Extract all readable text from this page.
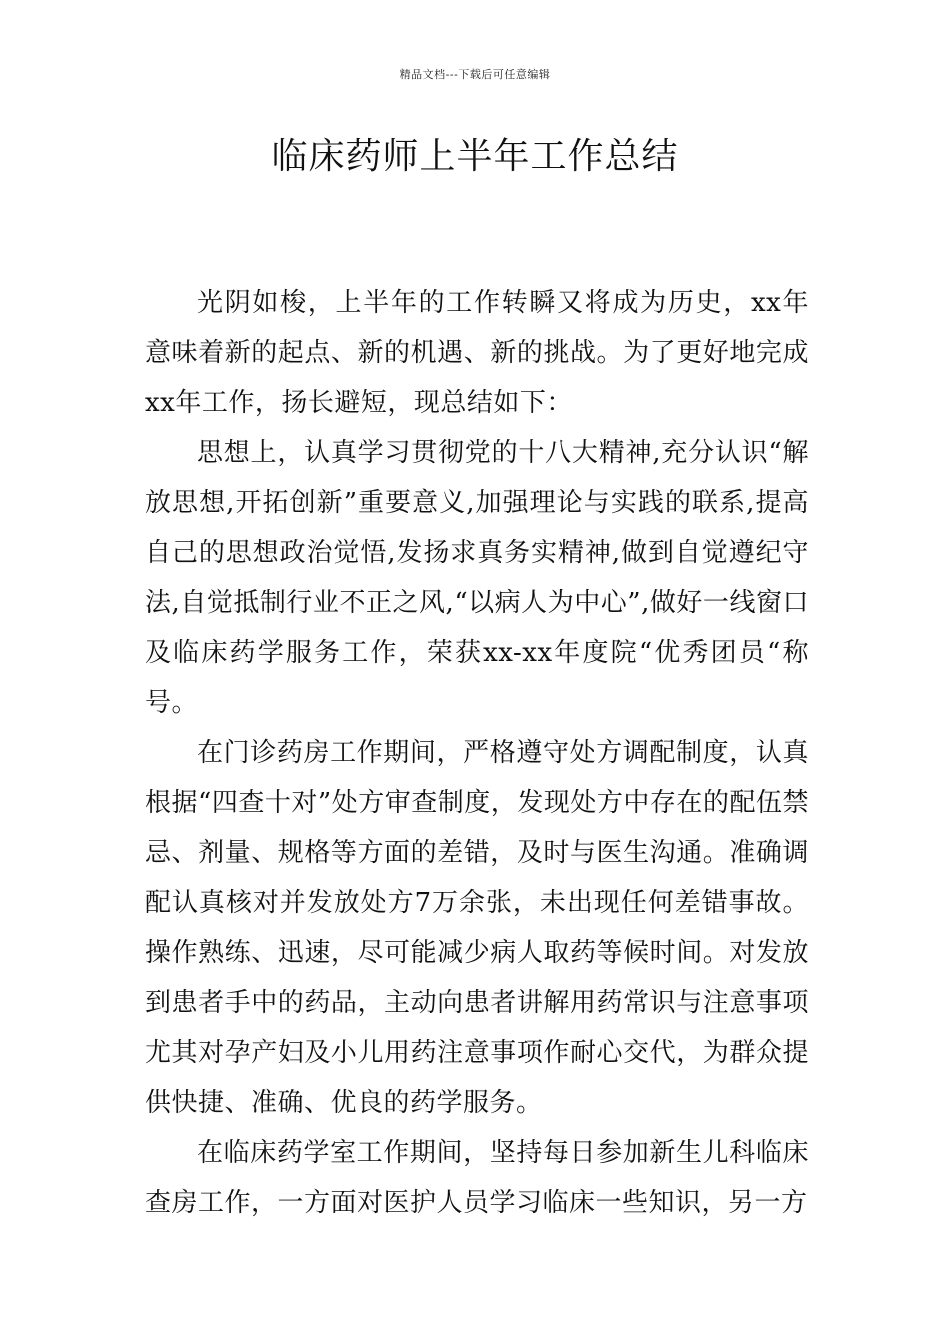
精品文档---下载后可任意编辑
临床药师上半年工作总结

光阴如梭，上半年的工作转瞬又将成为历史，xx年意味着新的起点、新的机遇、新的挑战。为了更好地完成xx年工作，扬长避短，现总结如下：

思想上，认真学习贯彻党的十八大精神,充分认识“解放思想,开拓创新”重要意义,加强理论与实践的联系,提高自己的思想政治觉悟,发扬求真务实精神,做到自觉遵纪守法,自觉抵制行业不正之风,“以病人为中心”,做好一线窗口及临床药学服务工作，荣获xx-xx年度院“优秀团员“称号。

在门诊药房工作期间，严格遵守处方调配制度，认真根据“四查十对”处方审查制度，发现处方中存在的配伍禁忌、剂量、规格等方面的差错，及时与医生沟通。准确调配认真核对并发放处方7万余张，未出现任何差错事故。操作熟练、迅速，尽可能减少病人取药等候时间。对发放到患者手中的药品，主动向患者讲解用药常识与注意事项尤其对孕产妇及小儿用药注意事项作耐心交代，为群众提供快捷、准确、优良的药学服务。

在临床药学室工作期间，坚持每日参加新生儿科临床查房工作，一方面对医护人员学习临床一些知识，另一方
